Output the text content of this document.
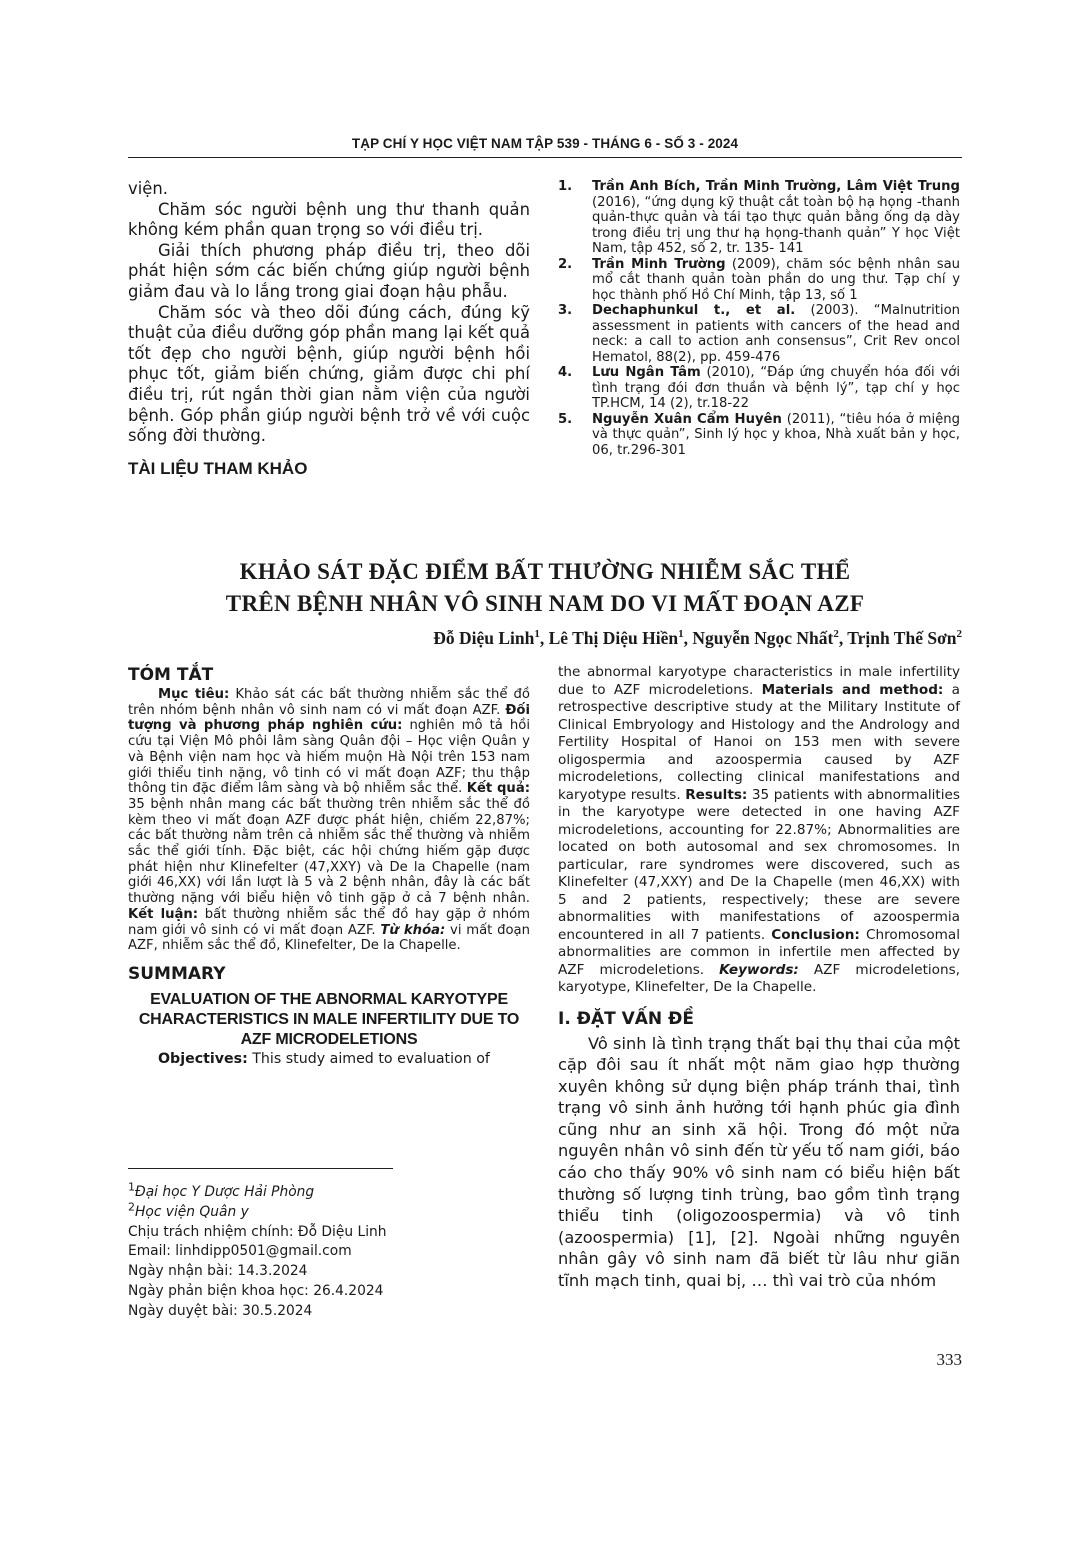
TẠP CHÍ Y HỌC VIỆT NAM TẬP 539 - THÁNG 6 - SỐ 3 - 2024

viện.

Chăm sóc người bệnh ung thư thanh quản không kém phần quan trọng so với điều trị.

Giải thích phương pháp điều trị, theo dõi phát hiện sớm các biến chứng giúp người bệnh giảm đau và lo lắng trong giai đoạn hậu phẫu.

Chăm sóc và theo dõi đúng cách, đúng kỹ thuật của điều dưỡng góp phần mang lại kết quả tốt đẹp cho người bệnh, giúp người bệnh hồi phục tốt, giảm biến chứng, giảm được chi phí điều trị, rút ngắn thời gian nằm viện của người bệnh. Góp phần giúp người bệnh trở về với cuộc sống đời thường.

TÀI LIỆU THAM KHẢO
1.	Trần Anh Bích, Trần Minh Trường, Lâm Việt Trung (2016), “ứng dụng kỹ thuật cắt toàn bộ hạ họng -thanh quản-thực quản và tái tạo thực quản bằng ống dạ dày trong điều trị ung thư hạ họng-thanh quản” Y học Việt Nam, tập 452, số 2, tr. 135- 141
2.	Trần Minh Trường (2009), chăm sóc bệnh nhân sau mổ cắt thanh quản toàn phần do ung thư. Tạp chí y học thành phố Hồ Chí Minh, tập 13, số 1
3.	Dechaphunkul t., et al. (2003). “Malnutrition assessment in patients with cancers of the head and neck: a call to action anh consensus”, Crit Rev oncol Hematol, 88(2), pp. 459-476
4.	Lưu Ngân Tâm (2010), “Đáp ứng chuyển hóa đối với tình trạng đói đơn thuần và bệnh lý”, tạp chí y học TP.HCM, 14 (2), tr.18-22
5.	Nguyễn Xuân Cẩm Huyên (2011), “tiêu hóa ở miệng và thực quản”, Sinh lý học y khoa, Nhà xuất bản y học, 06, tr.296-301
KHẢO SÁT ĐẶC ĐIỂM BẤT THƯỜNG NHIỄM SẮC THỂ
TRÊN BỆNH NHÂN VÔ SINH NAM DO VI MẤT ĐOẠN AZF
Đỗ Diệu Linh$^1$, Lê Thị Diệu Hiền$^1$, Nguyễn Ngọc Nhất$^2$, Trịnh Thế Sơn$^2$
TÓM TẮT

Mục tiêu: Khảo sát các bất thường nhiễm sắc thể đồ trên nhóm bệnh nhân vô sinh nam có vi mất đoạn AZF. Đối tượng và phương pháp nghiên cứu: nghiên mô tả hồi cứu tại Viện Mô phôi lâm sàng Quân đội – Học viện Quân y và Bệnh viện nam học và hiếm muộn Hà Nội trên 153 nam giới thiểu tinh nặng, vô tinh có vi mất đoạn AZF; thu thập thông tin đặc điểm lâm sàng và bộ nhiễm sắc thể. Kết quả: 35 bệnh nhân mang các bất thường trên nhiễm sắc thể đồ kèm theo vi mất đoạn AZF được phát hiện, chiếm 22,87%; các bất thường nằm trên cả nhiễm sắc thể thường và nhiễm sắc thể giới tính. Đặc biệt, các hội chứng hiếm gặp được phát hiện như Klinefelter (47,XXY) và De la Chapelle (nam giới 46,XX) với lần lượt là 5 và 2 bệnh nhân, đây là các bất thường nặng với biểu hiện vô tinh gặp ở cả 7 bệnh nhân. Kết luận: bất thường nhiễm sắc thể đồ hay gặp ở nhóm nam giới vô sinh có vi mất đoạn AZF. Từ khóa: vi mất đoạn AZF, nhiễm sắc thể đồ, Klinefelter, De la Chapelle.

SUMMARY
EVALUATION OF THE ABNORMAL KARYOTYPE CHARACTERISTICS IN MALE INFERTILITY DUE TO AZF MICRODELETIONS

Objectives: This study aimed to evaluation of

$^1$Đại học Y Dược Hải Phòng
$^2$Học viện Quân y
Chịu trách nhiệm chính: Đỗ Diệu Linh
Email: linhdipp0501@gmail.com
Ngày nhận bài: 14.3.2024
Ngày phản biện khoa học: 26.4.2024
Ngày duyệt bài: 30.5.2024

the abnormal karyotype characteristics in male infertility due to AZF microdeletions. Materials and method: a retrospective descriptive study at the Military Institute of Clinical Embryology and Histology and the Andrology and Fertility Hospital of Hanoi on 153 men with severe oligospermia and azoospermia caused by AZF microdeletions, collecting clinical manifestations and karyotype results. Results: 35 patients with abnormalities in the karyotype were detected in one having AZF microdeletions, accounting for 22.87%; Abnormalities are located on both autosomal and sex chromosomes. In particular, rare syndromes were discovered, such as Klinefelter (47,XXY) and De la Chapelle (men 46,XX) with 5 and 2 patients, respectively; these are severe abnormalities with manifestations of azoospermia encountered in all 7 patients. Conclusion: Chromosomal abnormalities are common in infertile men affected by AZF microdeletions. Keywords: AZF microdeletions, karyotype, Klinefelter, De la Chapelle.

I. ĐẶT VẤN ĐỀ

Vô sinh là tình trạng thất bại thụ thai của một cặp đôi sau ít nhất một năm giao hợp thường xuyên không sử dụng biện pháp tránh thai, tình trạng vô sinh ảnh hưởng tới hạnh phúc gia đình cũng như an sinh xã hội. Trong đó một nửa nguyên nhân vô sinh đến từ yếu tố nam giới, báo cáo cho thấy 90% vô sinh nam có biểu hiện bất thường số lượng tinh trùng, bao gồm tình trạng thiểu tinh (oligozoospermia) và vô tinh (azoospermia) [1], [2]. Ngoài những nguyên nhân gây vô sinh nam đã biết từ lâu như giãn tĩnh mạch tinh, quai bị, … thì vai trò của nhóm

333
